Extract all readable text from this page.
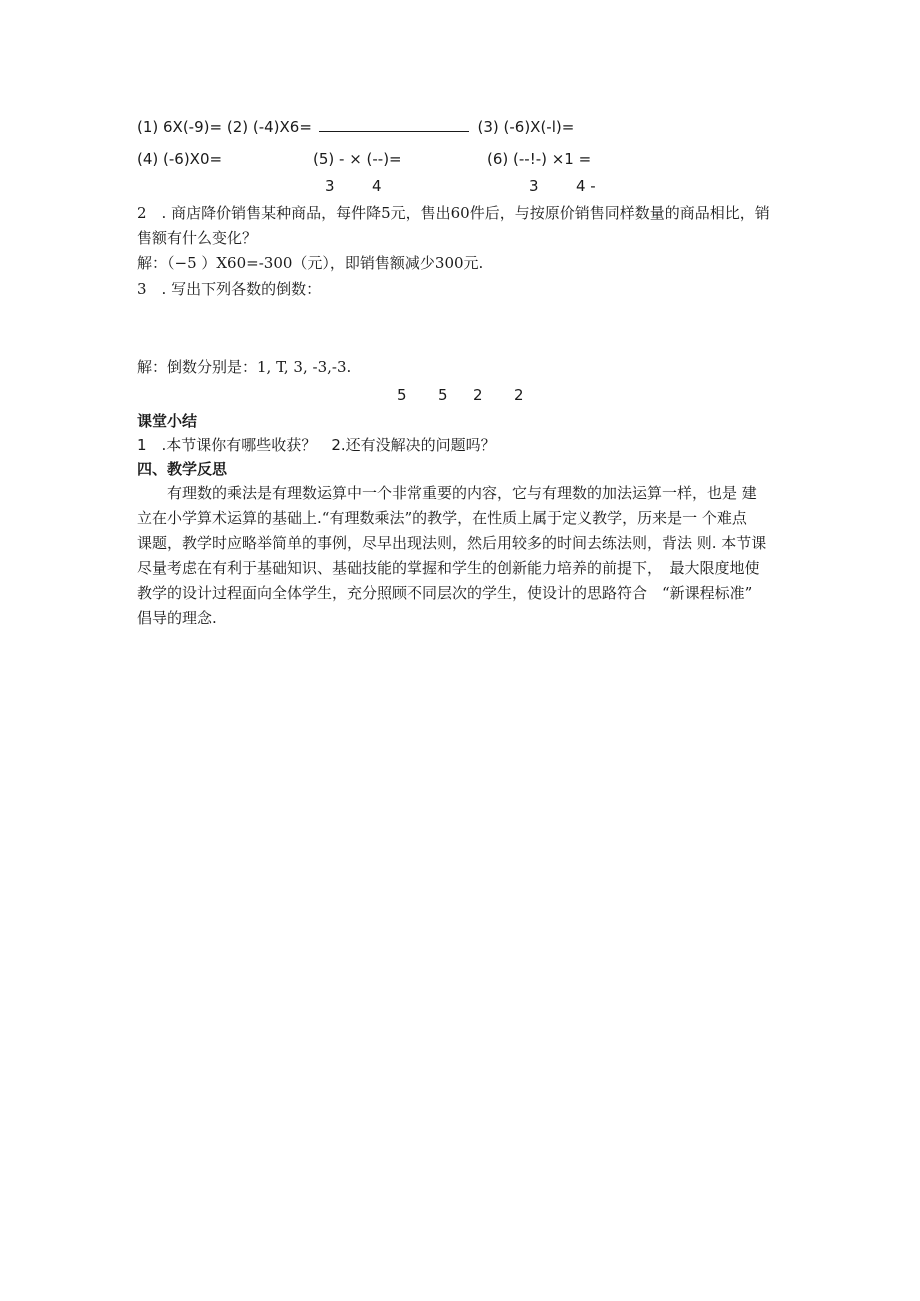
(1) 6X(-9)= (2) (-4)X6=	(3) (-6)X(-l)=
(4) (-6)X0=	(5) - × (--)=	(6) (--!-) ×1 =
3 4	3 4 -
2　. 商店降价销售某种商品，每件降5元，售出60件后，与按原价销售同样数量的商品相比，销
售额有什么变化？
解：（−5 ）X60=-300（元），即销售额减少300元.
3　. 写出下列各数的倒数：
解：倒数分别是：1, T, 3, -3,-3.
5 5 2 2
课堂小结
1　.本节课你有哪些收获？　2.还有没解决的问题吗？
四、教学反思
　　有理数的乘法是有理数运算中一个非常重要的内容，它与有理数的加法运算一样，也是 建
立在小学算术运算的基础上.“有理数乘法”的教学，在性质上属于定义教学，历来是一 个难点
课题，教学时应略举简单的事例，尽早出现法则，然后用较多的时间去练法则，背法 则. 本节课
尽量考虑在有利于基础知识、基础技能的掌握和学生的创新能力培养的前提下，　最大限度地使
教学的设计过程面向全体学生，充分照顾不同层次的学生，使设计的思路符合　“新课程标准”
倡导的理念.
